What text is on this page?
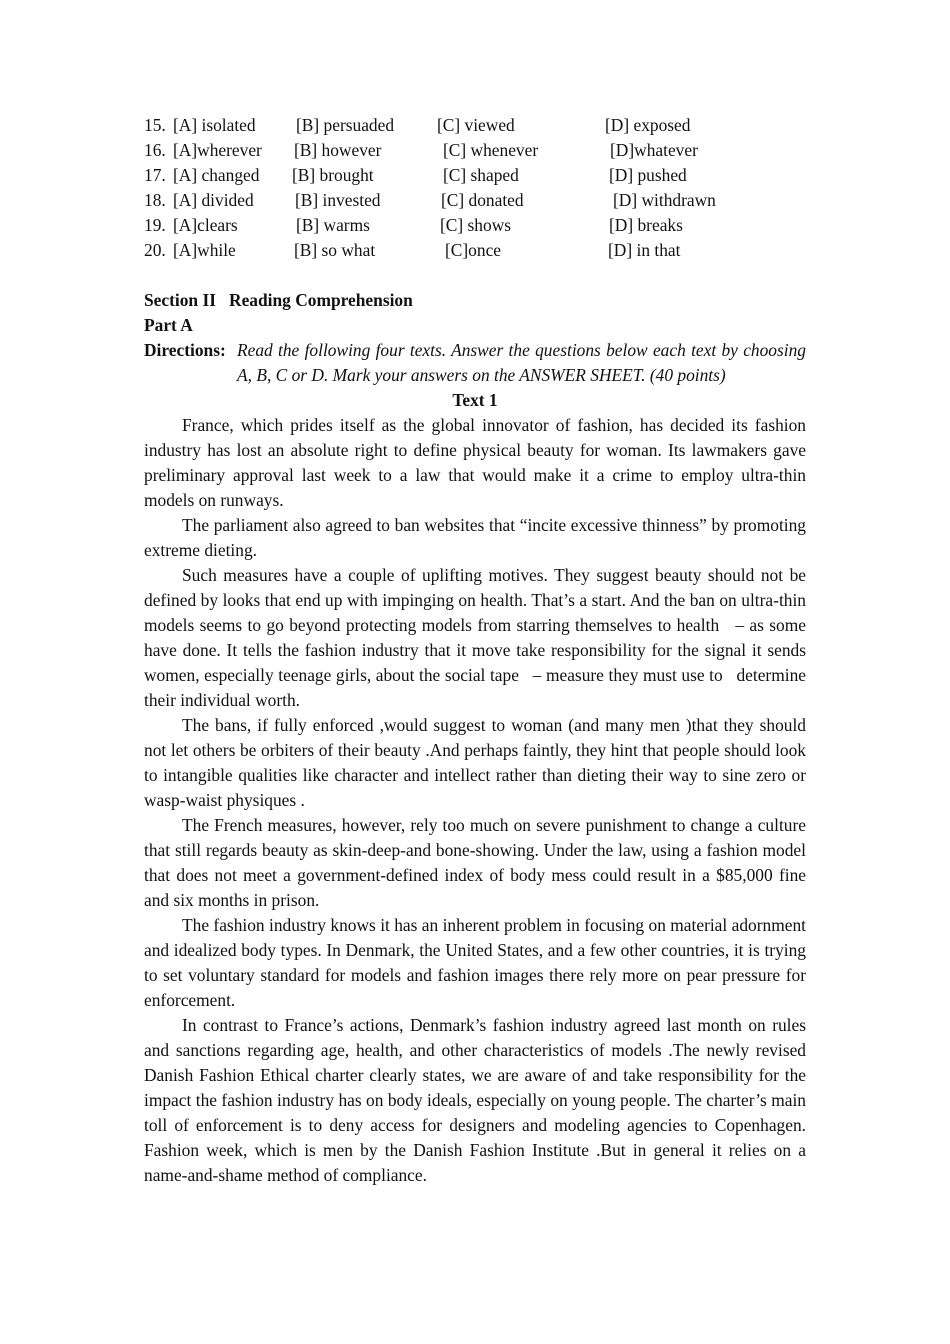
15. [A] isolated [B] persuaded [C] viewed	[D] exposed
16. [A]wherever [B] however	[C] whenever	[D]whatever
17. [A] changed [B] brought	[C] shaped	[D] pushed
18. [A] divided [B] invested	[C] donated	[D] withdrawn
19. [A]clears	[B] warms	[C] shows	[D] breaks
20. [A]while	[B] so what	[C]once	[D] in that
Section II   Reading Comprehension
Part A
Directions: Read the following four texts. Answer the questions below each text by choosing A, B, C or D. Mark your answers on the ANSWER SHEET. (40 points)
Text 1

France, which prides itself as the global innovator of fashion, has decided its fashion industry has lost an absolute right to define physical beauty for woman. Its lawmakers gave preliminary approval last week to a law that would make it a crime to employ ultra-thin models on runways.

The parliament also agreed to ban websites that “incite excessive thinness” by promoting extreme dieting.

Such measures have a couple of uplifting motives. They suggest beauty should not be defined by looks that end up with impinging on health. That’s a start. And the ban on ultra-thin models seems to go beyond protecting models from starring themselves to health   – as some have done. It tells the fashion industry that it move take responsibility for the signal it sends women, especially teenage girls, about the social tape   – measure they must use to   determine their individual worth.

The bans, if fully enforced ,would suggest to woman (and many men )that they should not let others be orbiters of their beauty .And perhaps faintly, they hint that people should look to intangible qualities like character and intellect rather than dieting their way to sine zero or wasp-waist physiques .

The French measures, however, rely too much on severe punishment to change a culture that still regards beauty as skin-deep-and bone-showing. Under the law, using a fashion model that does not meet a government-defined index of body mess could result in a $85,000 fine and six months in prison.

The fashion industry knows it has an inherent problem in focusing on material adornment and idealized body types. In Denmark, the United States, and a few other countries, it is trying to set voluntary standard for models and fashion images there rely more on pear pressure for enforcement.

In contrast to France’s actions, Denmark’s fashion industry agreed last month on rules and sanctions regarding age, health, and other characteristics of models .The newly revised Danish Fashion Ethical charter clearly states, we are aware of and take responsibility for the impact the fashion industry has on body ideals, especially on young people. The charter’s main toll of enforcement is to deny access for designers and modeling agencies to Copenhagen. Fashion week, which is men by the Danish Fashion Institute .But in general it relies on a name-and-shame method of compliance.
